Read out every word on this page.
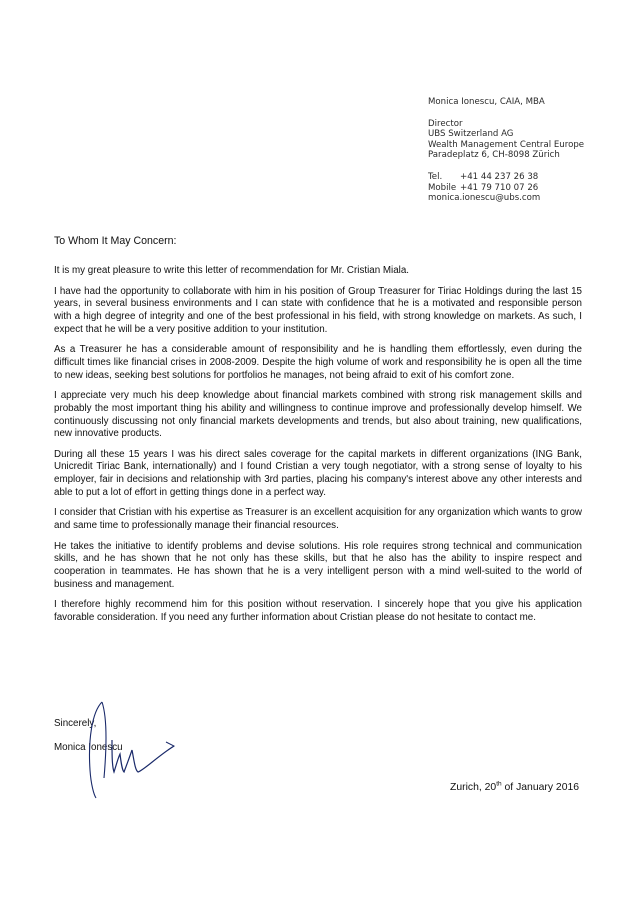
Monica Ionescu, CAIA, MBA
Director
UBS Switzerland AG
Wealth Management Central Europe
Paradeplatz 6, CH-8098 Zürich
Tel.	+41 44 237 26 38
Mobile +41 79 710 07 26
monica.ionescu@ubs.com
To Whom It May Concern:

It is my great pleasure to write this letter of recommendation for Mr. Cristian Miala.

I have had the opportunity to collaborate with him in his position of Group Treasurer for Tiriac Holdings during the last 15 years, in several business environments and I can state with confidence that he is a motivated and responsible person with a high degree of integrity and one of the best professional in his field, with strong knowledge on markets. As such, I expect that he will be a very positive addition to your institution.

As a Treasurer he has a considerable amount of responsibility and he is handling them effortlessly, even during the difficult times like financial crises in 2008-2009. Despite the high volume of work and responsibility he is open all the time to new ideas, seeking best solutions for portfolios he manages, not being afraid to exit of his comfort zone.

I appreciate very much his deep knowledge about financial markets combined with strong risk management skills and probably the most important thing his ability and willingness to continue improve and professionally develop himself. We continuously discussing not only financial markets developments and trends, but also about training, new qualifications, new innovative products.

During all these 15 years I was his direct sales coverage for the capital markets in different organizations (ING Bank, Unicredit Tiriac Bank, internationally) and I found Cristian a very tough negotiator, with a strong sense of loyalty to his employer, fair in decisions and relationship with 3rd parties, placing his company's interest above any other interests and able to put a lot of effort in getting things done in a perfect way.

I consider that Cristian with his expertise as Treasurer is an excellent acquisition for any organization which wants to grow and same time to professionally manage their financial resources.

He takes the initiative to identify problems and devise solutions. His role requires strong technical and communication skills, and he has shown that he not only has these skills, but that he also has the ability to inspire respect and cooperation in teammates. He has shown that he is a very intelligent person with a mind well-suited to the world of business and management.

I therefore highly recommend him for this position without reservation. I sincerely hope that you give his application favorable consideration. If you need any further information about Cristian please do not hesitate to contact me.

Sincerely,
Monica Ionescu
Zurich, 20th of January 2016
